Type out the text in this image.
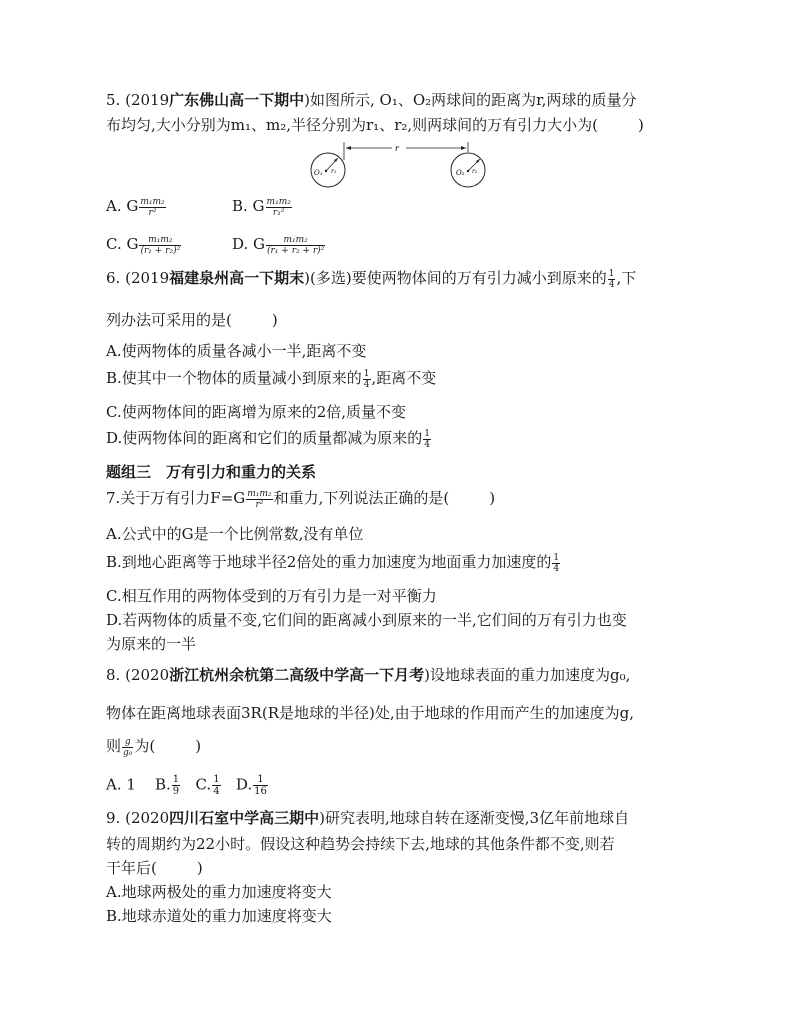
5. (2019广东佛山高一下期中)如图所示, O₁、O₂两球间的距离为r,两球的质量分
布均匀,大小分别为m₁、m₂,半径分别为r₁、r₂,则两球间的万有引力大小为(	)
O₁ r₁	O₂ r₂
r
A. G $\frac{\text{m₁m₂}}{\text{r²}}$	B. G $\frac{\text{m₁m₂}}{\text{r₁²}}$
C. G $\frac{\text{m₁m₂}}{\text{(r₁ + r₂)²}}$	D. G $\frac{\text{m₁m₂}}{\text{(r₁ + r₂ + r)²}}$
6. (2019福建泉州高一下期末)(多选)要使两物体间的万有引力减小到原来的 $\frac{1}{4}$ ,下
列办法可采用的是(	)
A.使两物体的质量各减小一半,距离不变
B.使其中一个物体的质量减小到原来的 $\frac{1}{4}$ ,距离不变
C.使两物体间的距离增为原来的2倍,质量不变
D.使两物体间的距离和它们的质量都减为原来的 $\frac{1}{4}$
题组三　万有引力和重力的关系
7.关于万有引力$F=G \frac{\text{m₁m₂}}{\text{r²}}$ 和重力,下列说法正确的是(	)
A.公式中的G是一个比例常数,没有单位
B.到地心距离等于地球半径2倍处的重力加速度为地面重力加速度的 $\frac{1}{4}$
C.相互作用的两物体受到的万有引力是一对平衡力
D.若两物体的质量不变,它们间的距离减小到原来的一半,它们间的万有引力也变
为原来的一半
8. (2020浙江杭州余杭第二高级中学高一下月考)设地球表面的重力加速度为g₀,
物体在距离地球表面3R(R是地球的半径)处,由于地球的作用而产生的加速度为g,
则 $\frac{g}{\text{g₀}}$ 为(	)
A. 1 B. $\frac{1}{9} C$. $\frac{1}{4} D$. $\frac{1}{16}$
9. (2020四川石室中学高三期中)研究表明,地球自转在逐渐变慢,3亿年前地球自
转的周期约为22小时。假设这种趋势会持续下去,地球的其他条件都不变,则若
干年后(	)
A.地球两极处的重力加速度将变大
B.地球赤道处的重力加速度将变大
